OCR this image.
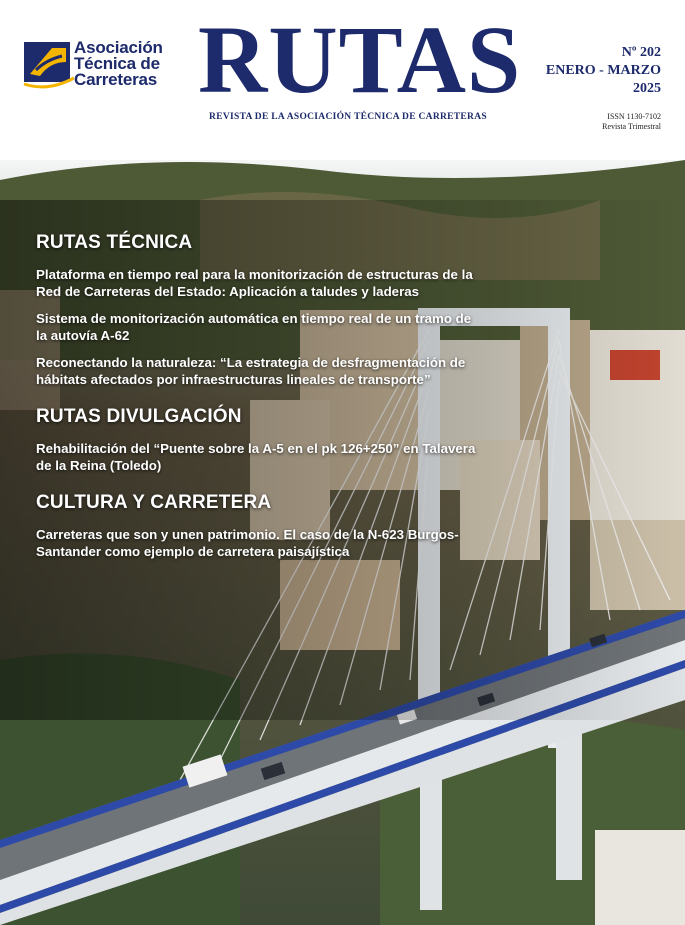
Asociación
Técnica de
Carreteras RUTAS
REVISTA DE LA ASOCIACIÓN TÉCNICA DE CARRETERAS
Nº 202
ENERO - MARZO
2025
ISSN 1130-7102
Revista Trimestral
RUTAS TÉCNICA
Plataforma en tiempo real para la monitorización de estructuras de la Red de Carreteras del Estado: Aplicación a taludes y laderas
Sistema de monitorización automática en tiempo real de un tramo de la autovía A-62
Reconectando la naturaleza: “La estrategia de desfragmentación de hábitats afectados por infraestructuras lineales de transporte”
RUTAS DIVULGACIÓN
Rehabilitación del “Puente sobre la A-5 en el pk 126+250” en Talavera de la Reina (Toledo)
CULTURA Y CARRETERA
Carreteras que son y unen patrimonio. El caso de la N-623 Burgos-Santander como ejemplo de carretera paisajística
